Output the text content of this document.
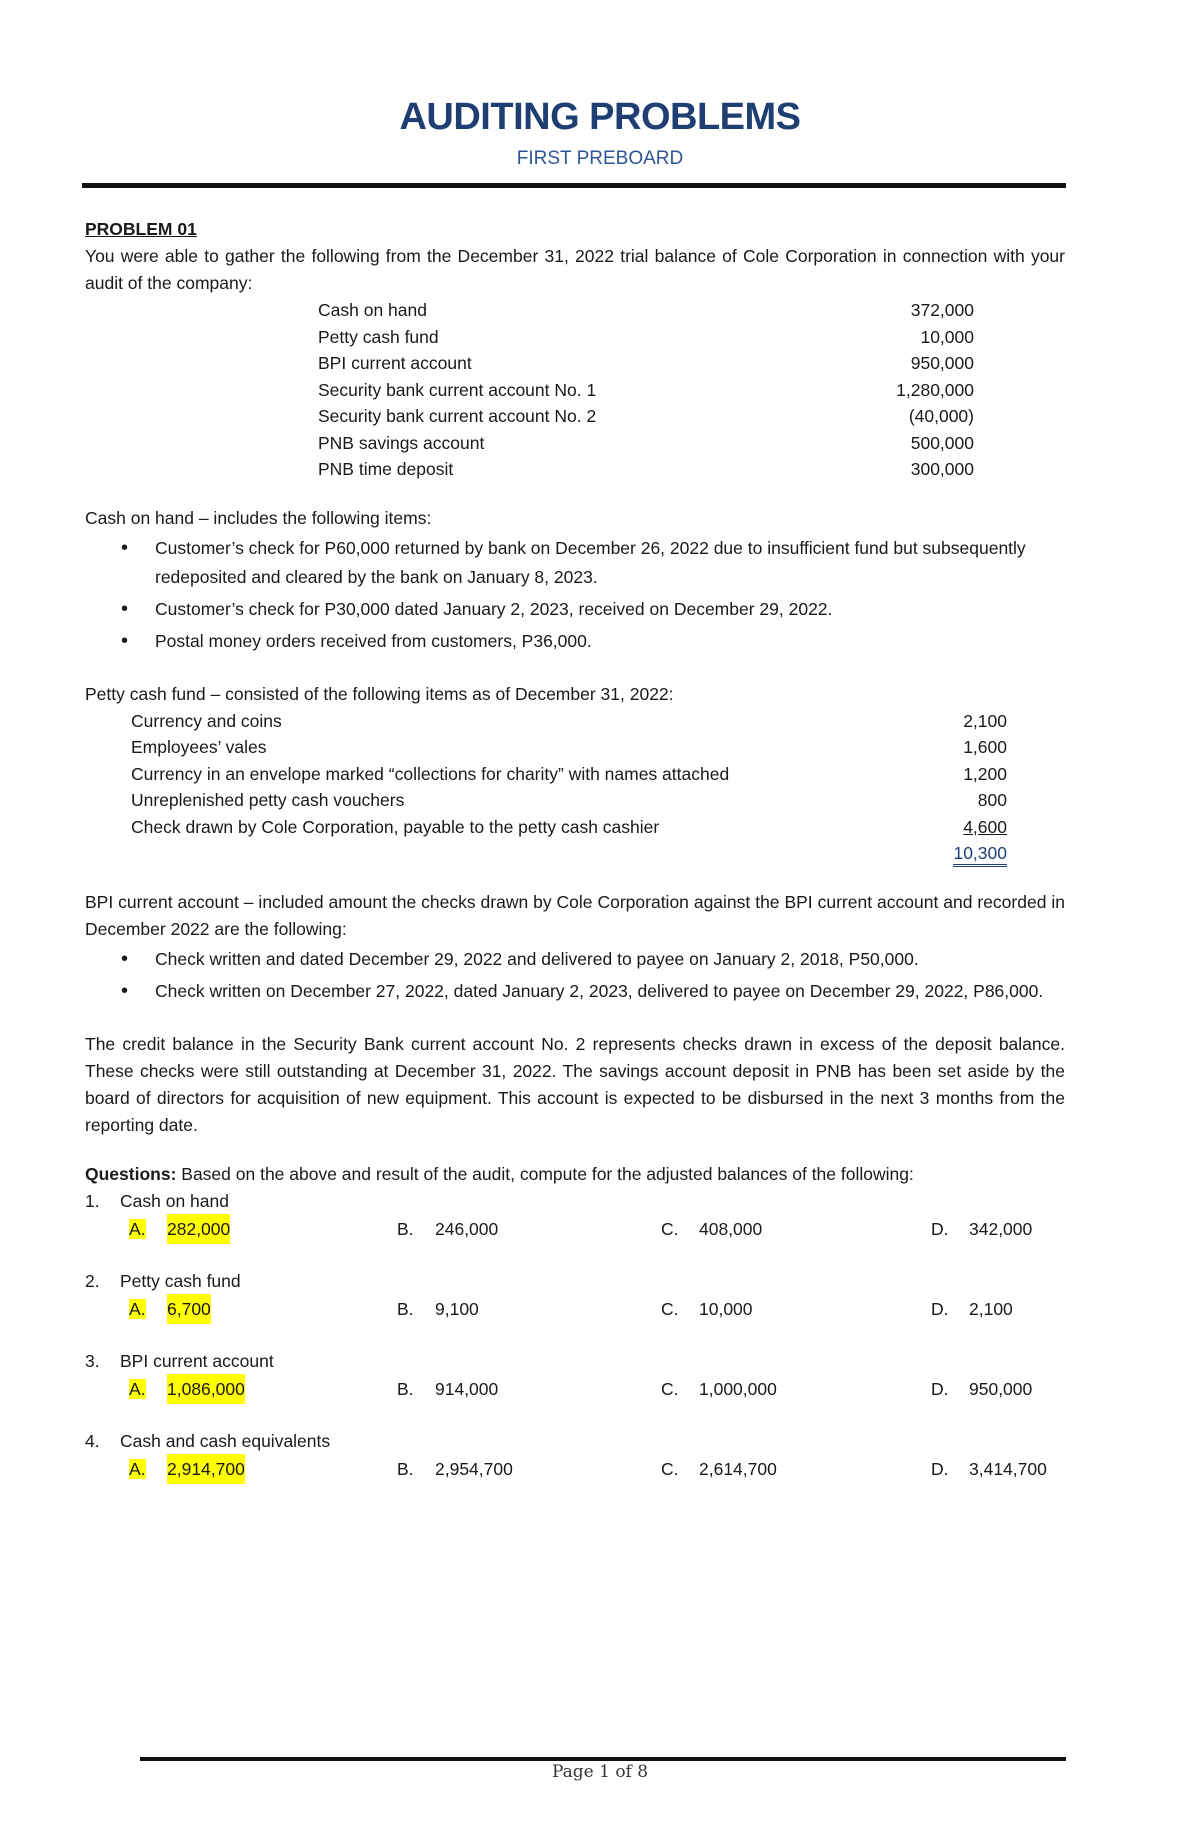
AUDITING PROBLEMS
FIRST PREBOARD
PROBLEM 01
You were able to gather the following from the December 31, 2022 trial balance of Cole Corporation in connection with your audit of the company:
Cash on hand	372,000
Petty cash fund	10,000
BPI current account	950,000
Security bank current account No. 1	1,280,000
Security bank current account No. 2	(40,000)
PNB savings account	500,000
PNB time deposit	300,000
Cash on hand – includes the following items:
• Customer’s check for P60,000 returned by bank on December 26, 2022 due to insufficient fund but subsequently redeposited and cleared by the bank on January 8, 2023.
• Customer’s check for P30,000 dated January 2, 2023, received on December 29, 2022.
• Postal money orders received from customers, P36,000.
Petty cash fund – consisted of the following items as of December 31, 2022:
Currency and coins	2,100
Employees’ vales	1,600
Currency in an envelope marked “collections for charity” with names attached	1,200
Unreplenished petty cash vouchers	800
Check drawn by Cole Corporation, payable to the petty cash cashier	4,600
10,300
BPI current account – included amount the checks drawn by Cole Corporation against the BPI current account and recorded in December 2022 are the following:
• Check written and dated December 29, 2022 and delivered to payee on January 2, 2018, P50,000.
• Check written on December 27, 2022, dated January 2, 2023, delivered to payee on December 29, 2022, P86,000.
The credit balance in the Security Bank current account No. 2 represents checks drawn in excess of the deposit balance. These checks were still outstanding at December 31, 2022. The savings account deposit in PNB has been set aside by the board of directors for acquisition of new equipment. This account is expected to be disbursed in the next 3 months from the reporting date.
Questions: Based on the above and result of the audit, compute for the adjusted balances of the following:
1.	Cash on hand
A.	282,000	B.	246,000	C.	408,000	D.	342,000
2.	Petty cash fund
A.	6,700	B.	9,100	C.	10,000	D.	2,100
3.	BPI current account
A.	1,086,000	B.	914,000	C.	1,000,000	D.	950,000
4.	Cash and cash equivalents
A.	2,914,700	B.	2,954,700	C.	2,614,700	D.	3,414,700
Page 1 of 8
